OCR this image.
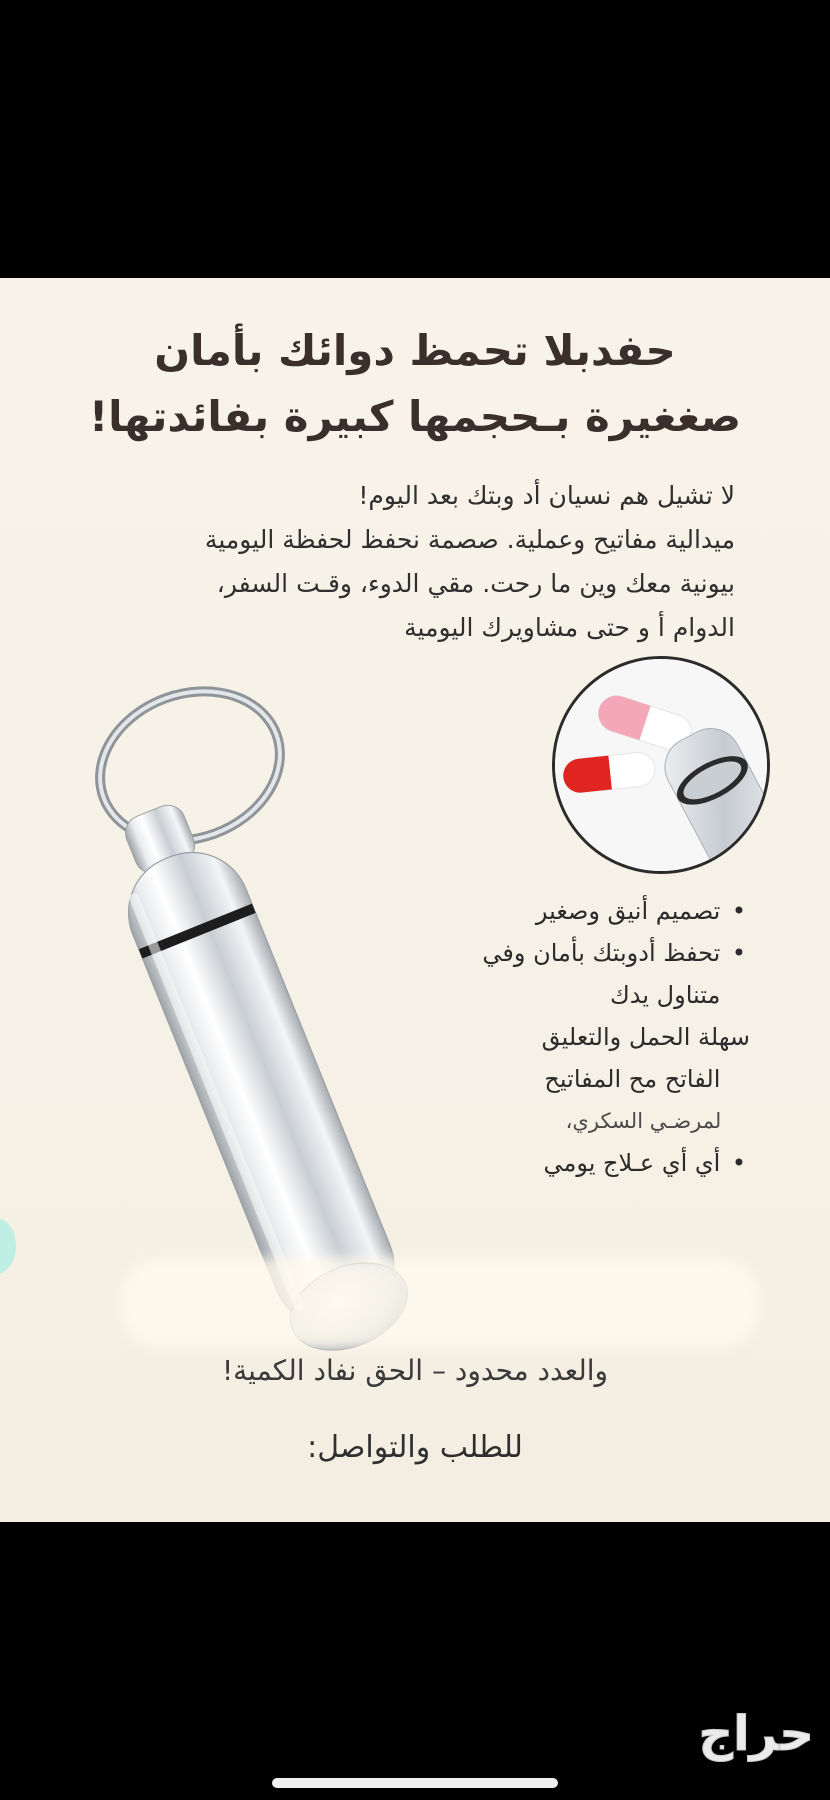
حفدبلا تحمظ دوائك بأمان
صغغيرة بـحجمها كبيرة بفائدتها!

لا تشيل هم نسيان أد وبتك بعد اليوم!
ميدالية مفاتيح وعملية. صصمة نحفظ لحفظة اليومية
بيونية معك وين ما رحت. مقي الدوء، وقـت السفر،
الدوام أ و حتى مشاويرك اليومية

• تصميم أنيق وصغير
• تحفظ أدوبتك بأمان وفي
متناول يدك
سهلة الحمل والتعليق
الفاتح مح المفاتيح
لمرضـي السكري،
• أي أي عـلاج يومي

والعدد محدود – الحق نفاد الكمية!

للطلب والتواصل:

حراج
